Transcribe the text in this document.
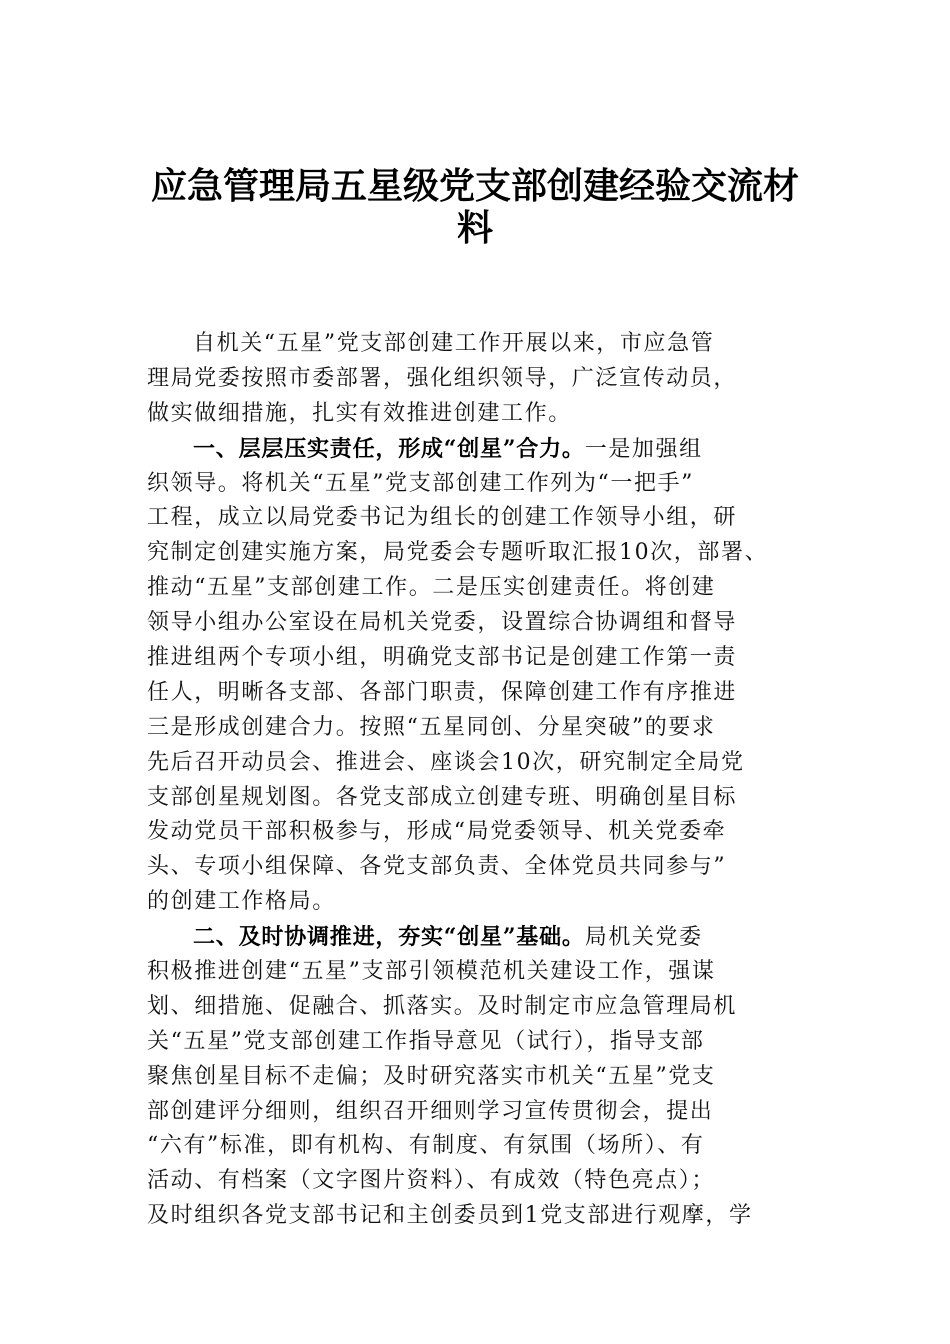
应急管理局五星级党支部创建经验交流材
料
自机关“五星”党支部创建工作开展以来，市应急管
理局党委按照市委部署，强化组织领导，广泛宣传动员，
做实做细措施，扎实有效推进创建工作。
一、层层压实责任，形成“创星”合力。一是加强组
织领导。将机关“五星”党支部创建工作列为“一把手”
工程，成立以局党委书记为组长的创建工作领导小组，研
究制定创建实施方案，局党委会专题听取汇报10次，部署、
推动“五星”支部创建工作。二是压实创建责任。将创建
领导小组办公室设在局机关党委，设置综合协调组和督导
推进组两个专项小组，明确党支部书记是创建工作第一责
任人，明晰各支部、各部门职责，保障创建工作有序推进
三是形成创建合力。按照“五星同创、分星突破”的要求
先后召开动员会、推进会、座谈会10次，研究制定全局党
支部创星规划图。各党支部成立创建专班、明确创星目标
发动党员干部积极参与，形成“局党委领导、机关党委牵
头、专项小组保障、各党支部负责、全体党员共同参与”
的创建工作格局。
二、及时协调推进，夯实“创星”基础。局机关党委
积极推进创建“五星”支部引领模范机关建设工作，强谋
划、细措施、促融合、抓落实。及时制定市应急管理局机
关“五星”党支部创建工作指导意见（试行），指导支部
聚焦创星目标不走偏；及时研究落实市机关“五星”党支
部创建评分细则，组织召开细则学习宣传贯彻会，提出
“六有”标准，即有机构、有制度、有氛围（场所）、有
活动、有档案（文字图片资料）、有成效（特色亮点）；
及时组织各党支部书记和主创委员到1党支部进行观摩，学
